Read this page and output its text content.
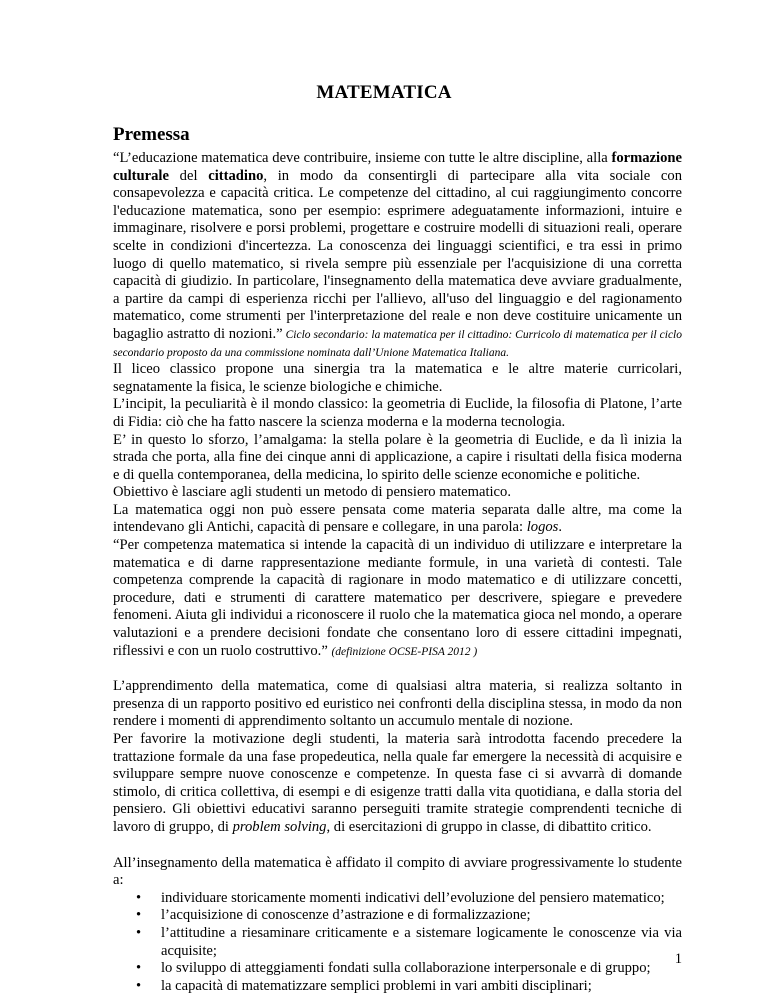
MATEMATICA
Premessa

“L’educazione matematica deve contribuire, insieme con tutte le altre discipline, alla formazione culturale del cittadino, in modo da consentirgli di partecipare alla vita sociale con consapevolezza e capacità critica. Le competenze del cittadino, al cui raggiungimento concorre l'educazione matematica, sono per esempio: esprimere adeguatamente informazioni, intuire e immaginare, risolvere e porsi problemi, progettare e costruire modelli di situazioni reali, operare scelte in condizioni d'incertezza. La conoscenza dei linguaggi scientifici, e tra essi in primo luogo di quello matematico, si rivela sempre più essenziale per l'acquisizione di una corretta capacità di giudizio. In particolare, l'insegnamento della matematica deve avviare gradualmente, a partire da campi di esperienza ricchi per l'allievo, all'uso del linguaggio e del ragionamento matematico, come strumenti per l'interpretazione del reale e non deve costituire unicamente un bagaglio astratto di nozioni.” Ciclo secondario: la matematica per il cittadino: Curricolo di matematica per il ciclo secondario proposto da una commissione nominata dall’Unione Matematica Italiana.

Il liceo classico propone una sinergia tra la matematica e le altre materie curricolari, segnatamente la fisica, le scienze biologiche e chimiche.

L’incipit, la peculiarità è il mondo classico: la geometria di Euclide, la filosofia di Platone, l’arte di Fidia: ciò che ha fatto nascere la scienza moderna e la moderna tecnologia.

E’ in questo lo sforzo, l’amalgama: la stella polare è la geometria di Euclide, e da lì inizia la strada che porta, alla fine dei cinque anni di applicazione, a capire i risultati della fisica moderna e di quella contemporanea, della medicina, lo spirito delle scienze economiche e politiche.

Obiettivo è lasciare agli studenti un metodo di pensiero matematico.

La matematica oggi non può essere pensata come materia separata dalle altre, ma come la intendevano gli Antichi, capacità di pensare e collegare, in una parola: logos.

“Per competenza matematica si intende la capacità di un individuo di utilizzare e interpretare la matematica e di darne rappresentazione mediante formule, in una varietà di contesti. Tale competenza comprende la capacità di ragionare in modo matematico e di utilizzare concetti, procedure, dati e strumenti di carattere matematico per descrivere, spiegare e prevedere fenomeni. Aiuta gli individui a riconoscere il ruolo che la matematica gioca nel mondo, a operare valutazioni e a prendere decisioni fondate che consentano loro di essere cittadini impegnati, riflessivi e con un ruolo costruttivo.” (definizione OCSE-PISA 2012 )

L’apprendimento della matematica, come di qualsiasi altra materia, si realizza soltanto in presenza di un rapporto positivo ed euristico nei confronti della disciplina stessa, in modo da non rendere i momenti di apprendimento soltanto un accumulo mentale di nozione.

Per favorire la motivazione degli studenti, la materia sarà introdotta facendo precedere la trattazione formale da una fase propedeutica, nella quale far emergere la necessità di acquisire e sviluppare sempre nuove conoscenze e competenze. In questa fase ci si avvarrà di domande stimolo, di critica collettiva, di esempi e di esigenze tratti dalla vita quotidiana, e dalla storia del pensiero. Gli obiettivi educativi saranno perseguiti tramite strategie comprendenti tecniche di lavoro di gruppo, di problem solving, di esercitazioni di gruppo in classe, di dibattito critico.

All’insegnamento della matematica è affidato il compito di avviare progressivamente lo studente a:

• individuare storicamente momenti indicativi dell’evoluzione del pensiero matematico;
• l’acquisizione di conoscenze d’astrazione e di formalizzazione;
• l’attitudine a riesaminare criticamente e a sistemare logicamente le conoscenze via via acquisite;
• lo sviluppo di atteggiamenti fondati sulla collaborazione interpersonale e di gruppo;
• la capacità di matematizzare semplici problemi in vari ambiti disciplinari;
1
